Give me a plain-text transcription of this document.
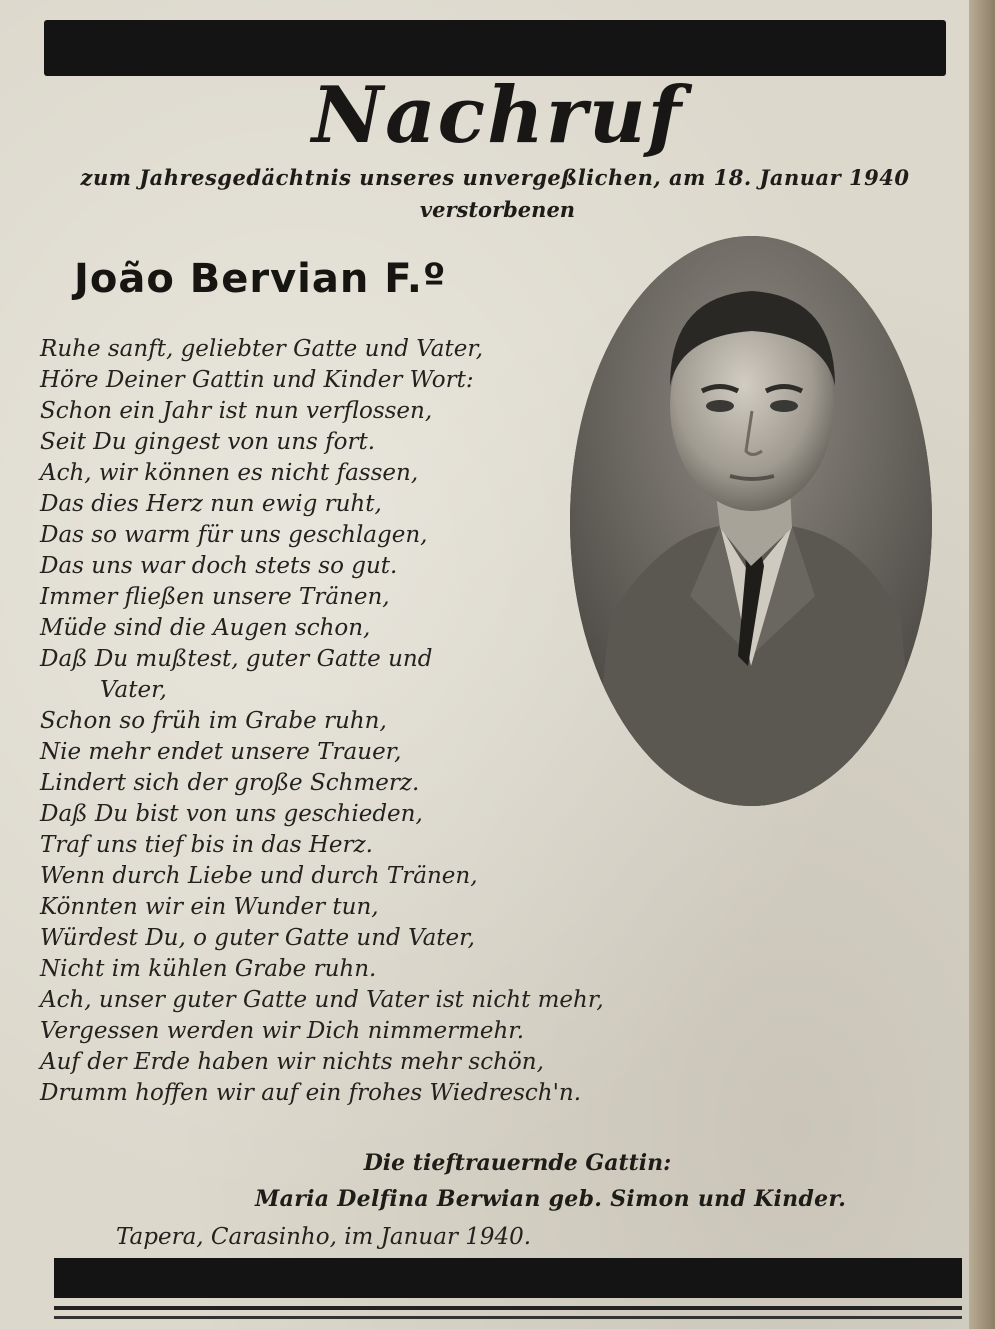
Nachruf
zum Jahresgedächtnis unseres unvergeßlichen, am 18. Januar 1940
verstorbenen
João Bervian F.º
Ruhe sanft, geliebter Gatte und Vater,
Höre Deiner Gattin und Kinder Wort:
Schon ein Jahr ist nun verflossen,
Seit Du gingest von uns fort.
Ach, wir können es nicht fassen,
Das dies Herz nun ewig ruht,
Das so warm für uns geschlagen,
Das uns war doch stets so gut.
Immer fließen unsere Tränen,
Müde sind die Augen schon,
Daß Du mußtest, guter Gatte und
Vater,
Schon so früh im Grabe ruhn,
Nie mehr endet unsere Trauer,
Lindert sich der große Schmerz.
Daß Du bist von uns geschieden,
Traf uns tief bis in das Herz.
Wenn durch Liebe und durch Tränen,
Könnten wir ein Wunder tun,
Würdest Du, o guter Gatte und Vater,
Nicht im kühlen Grabe ruhn.
Ach, unser guter Gatte und Vater ist nicht mehr,
Vergessen werden wir Dich nimmermehr.
Auf der Erde haben wir nichts mehr schön,
Drumm hoffen wir auf ein frohes Wiedresch'n.
Die tieftrauernde Gattin:
Maria Delfina Berwian geb. Simon und Kinder.
Tapera, Carasinho, im Januar 1940.
